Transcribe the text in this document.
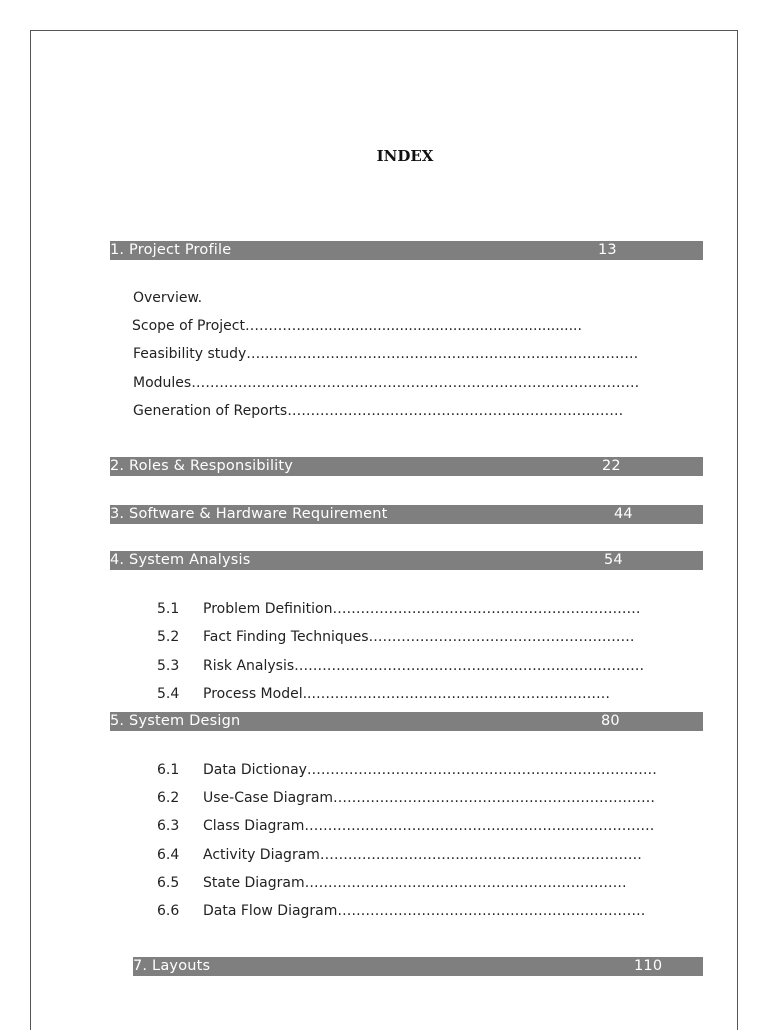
INDEX
1. Project Profile	13
Overview.
Scope of Project……………............................................................
Feasibility study…………………………………………………………………………
Modules……………………………………………………………………………………
Generation of Reports………………………………………………………………
2. Roles & Responsibility	22
3. Software & Hardware Requirement	44
4. System Analysis	54
5.1	Problem Definition…………………………………………………………
5.2	Fact Finding Techniques…………………………………………………
5.3	Risk Analysis…………………………………………………………………
5.4	Process Model...………………………………………………………
5. System Design	80
6.1	Data Dictionay…………………………………………………………………
6.2	Use-Case Diagram……………………………………………………………
6.3	Class Diagram…………………………………………………………………
6.4	Activity Diagram……………………………………………………………
6.5	State Diagram……………………………………………………………
6.6	Data Flow Diagram…………………………………………………………
7. Layouts	110
